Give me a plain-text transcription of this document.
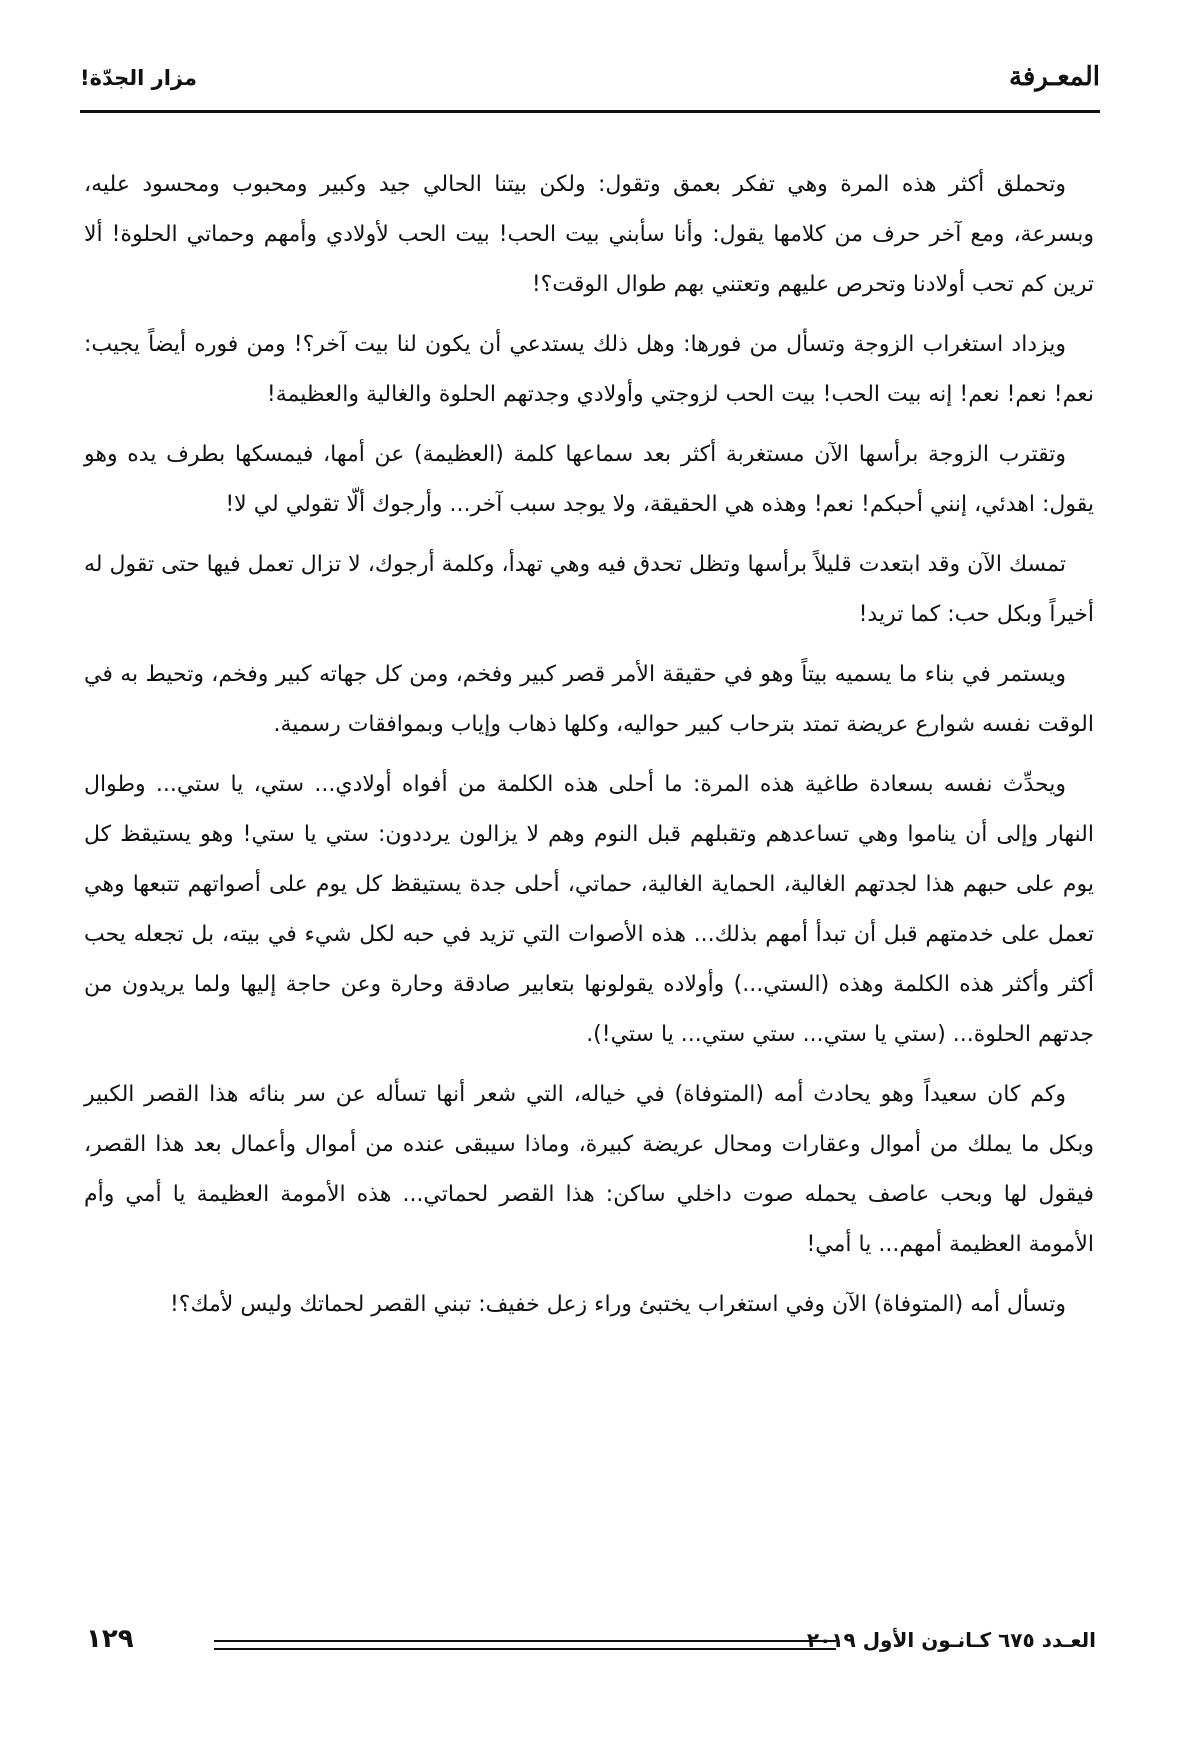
المعـرفة
مزار الجدّة!

وتحملق أكثر هذه المرة وهي تفكر بعمق وتقول: ولكن بيتنا الحالي جيد وكبير ومحبوب ومحسود عليه، وبسرعة، ومع آخر حرف من كلامها يقول: وأنا سأبني بيت الحب! بيت الحب لأولادي وأمهم وحماتي الحلوة! ألا ترين كم تحب أولادنا وتحرص عليهم وتعتني بهم طوال الوقت؟!

ويزداد استغراب الزوجة وتسأل من فورها: وهل ذلك يستدعي أن يكون لنا بيت آخر؟! ومن فوره أيضاً يجيب: نعم! نعم! نعم! إنه بيت الحب! بيت الحب لزوجتي وأولادي وجدتهم الحلوة والغالية والعظيمة!

وتقترب الزوجة برأسها الآن مستغربة أكثر بعد سماعها كلمة (العظيمة) عن أمها، فيمسكها بطرف يده وهو يقول: اهدئي، إنني أحبكم! نعم! وهذه هي الحقيقة، ولا يوجد سبب آخر... وأرجوك ألّا تقولي لي لا!

تمسك الآن وقد ابتعدت قليلاً برأسها وتظل تحدق فيه وهي تهدأ، وكلمة أرجوك، لا تزال تعمل فيها حتى تقول له أخيراً وبكل حب: كما تريد!

ويستمر في بناء ما يسميه بيتاً وهو في حقيقة الأمر قصر كبير وفخم، ومن كل جهاته كبير وفخم، وتحيط به في الوقت نفسه شوارع عريضة تمتد بترحاب كبير حواليه، وكلها ذهاب وإياب وبموافقات رسمية.

ويحدِّث نفسه بسعادة طاغية هذه المرة: ما أحلى هذه الكلمة من أفواه أولادي... ستي، يا ستي... وطوال النهار وإلى أن يناموا وهي تساعدهم وتقبلهم قبل النوم وهم لا يزالون يرددون: ستي يا ستي! وهو يستيقظ كل يوم على حبهم هذا لجدتهم الغالية، الحماية الغالية، حماتي، أحلى جدة يستيقظ كل يوم على أصواتهم تتبعها وهي تعمل على خدمتهم قبل أن تبدأ أمهم بذلك... هذه الأصوات التي تزيد في حبه لكل شيء في بيته، بل تجعله يحب أكثر وأكثر هذه الكلمة وهذه (الستي...) وأولاده يقولونها بتعابير صادقة وحارة وعن حاجة إليها ولما يريدون من جدتهم الحلوة... (ستي يا ستي... ستي ستي... يا ستي!).

وكم كان سعيداً وهو يحادث أمه (المتوفاة) في خياله، التي شعر أنها تسأله عن سر بنائه هذا القصر الكبير وبكل ما يملك من أموال وعقارات ومحال عريضة كبيرة، وماذا سيبقى عنده من أموال وأعمال بعد هذا القصر، فيقول لها وبحب عاصف يحمله صوت داخلي ساكن: هذا القصر لحماتي... هذه الأمومة العظيمة يا أمي وأم الأمومة العظيمة أمهم... يا أمي!

وتسأل أمه (المتوفاة) الآن وفي استغراب يختبئ وراء زعل خفيف: تبني القصر لحماتك وليس لأمك؟!

العـدد ٦٧٥ كـانـون الأول ٢٠١٩
١٢٩
